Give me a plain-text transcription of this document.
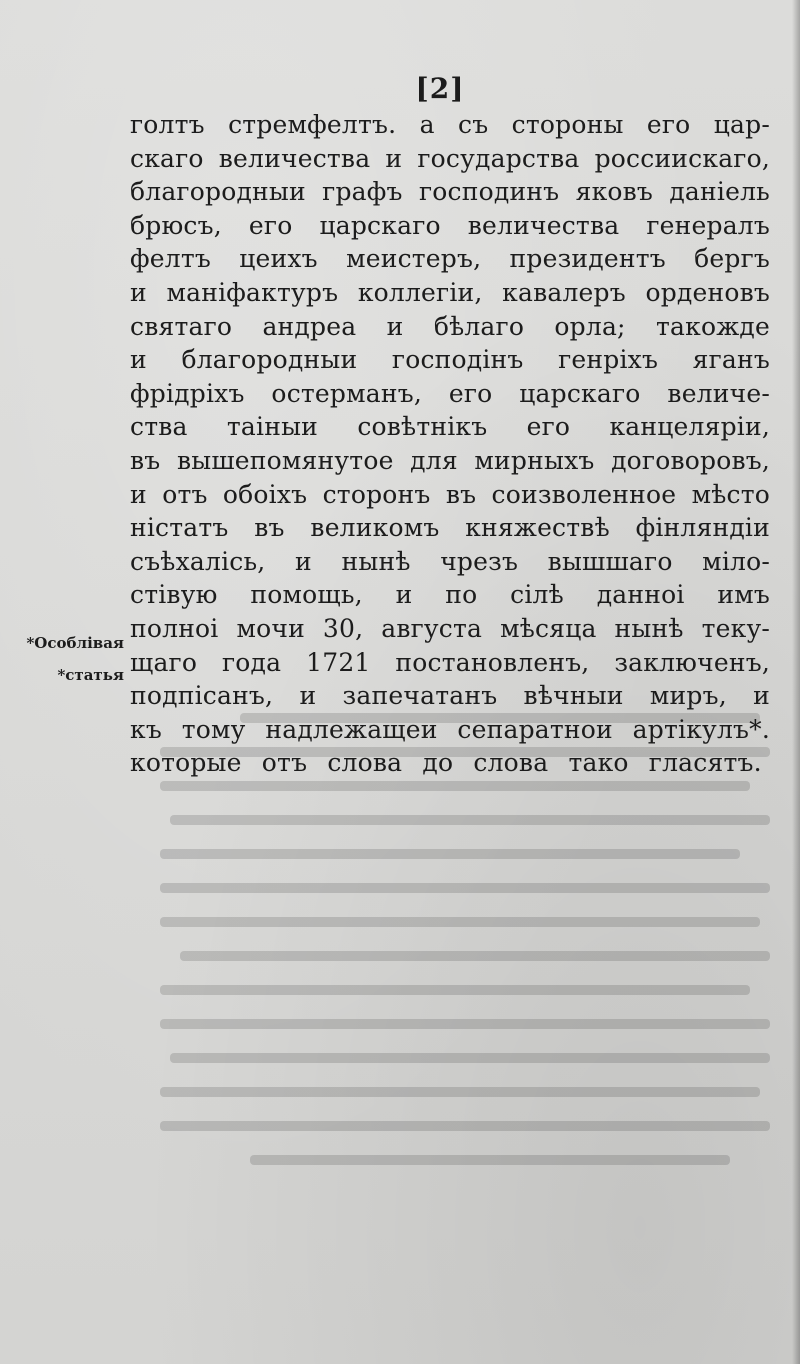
[2]
голтъ стремфелтъ. а съ стороны его цар-
скаго величества и государства россиискаго,
благородныи графъ господинъ яковъ даніель
брюсъ, его царскаго величества генералъ
фелтъ цеихъ меистеръ, президентъ бергъ
и маніфактуръ коллегіи, кавалеръ орденовъ
святаго андреа и бѣлаго орла; такожде
и благородныи господінъ генріхъ яганъ
фрідріхъ остерманъ, его царскаго величе-
ства таіныи совѣтнікъ его канцеляріи,
въ вышепомянутое для мирныхъ договоровъ,
и отъ обоіхъ сторонъ въ соизволенное мѣсто
ністатъ въ великомъ княжествѣ фінляндіи
съѣхаліcь, и нынѣ чрезъ вышшаго міло-
стівую помощь, и по сілѣ данноі имъ
полноі мочи 30, августа мѣсяца нынѣ теку-
щаго года 1721 постановленъ, заключенъ,
подпісанъ, и запечатанъ вѣчныи миръ, и
къ тому надлежащеи сепаратнои артікулъ*.
которые отъ слова до слова тако гласятъ.
*Особлівая
*статья
